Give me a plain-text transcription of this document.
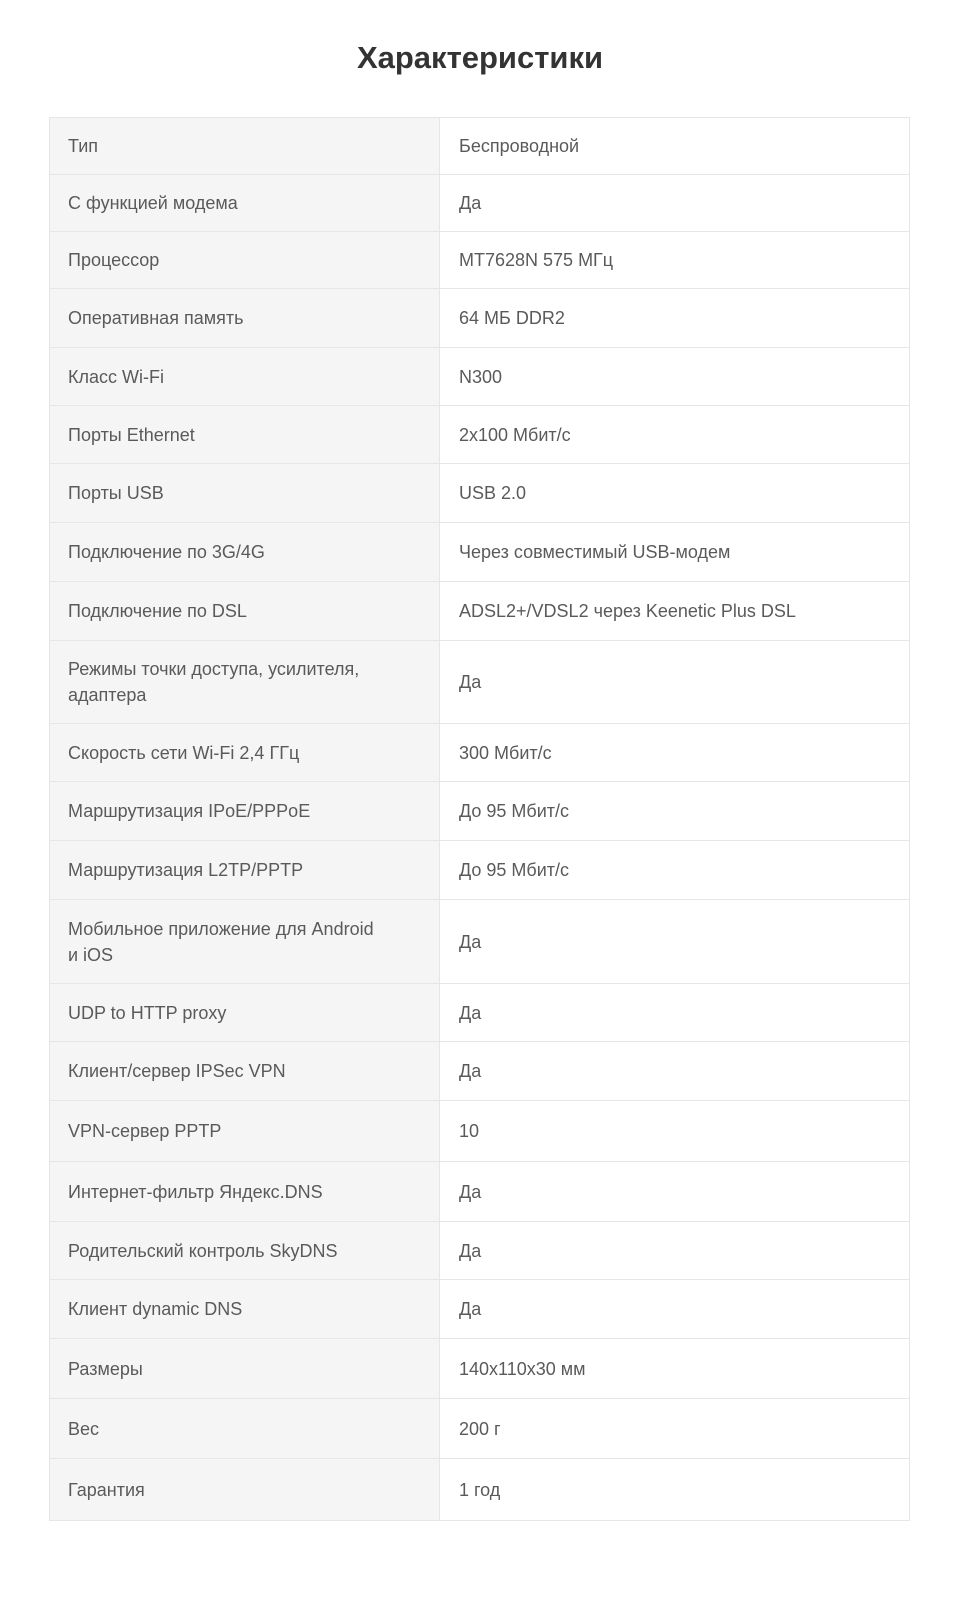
Характеристики
Тип	Беспроводной
С функцией модема	Да
Процессор	MT7628N 575 МГц
Оперативная память	64 МБ DDR2
Класс Wi-Fi	N300
Порты Ethernet	2x100 Мбит/с
Порты USB	USB 2.0
Подключение по 3G/4G	Через совместимый USB-модем
Подключение по DSL	ADSL2+/VDSL2 через Keenetic Plus DSL
Режимы точки доступа, усилителя, адаптера	Да
Скорость сети Wi-Fi 2,4 ГГц	300 Мбит/с
Маршрутизация IPoE/PPPoE	До 95 Мбит/с
Маршрутизация L2TP/PPTP	До 95 Мбит/с
Мобильное приложение для Android и iOS	Да
UDP to HTTP proxy	Да
Клиент/сервер IPSec VPN	Да
VPN-сервер PPTP	10
Интернет-фильтр Яндекс.DNS	Да
Родительский контроль SkyDNS	Да
Клиент dynamic DNS	Да
Размеры	140x110x30 мм
Вес	200 г
Гарантия	1 год
